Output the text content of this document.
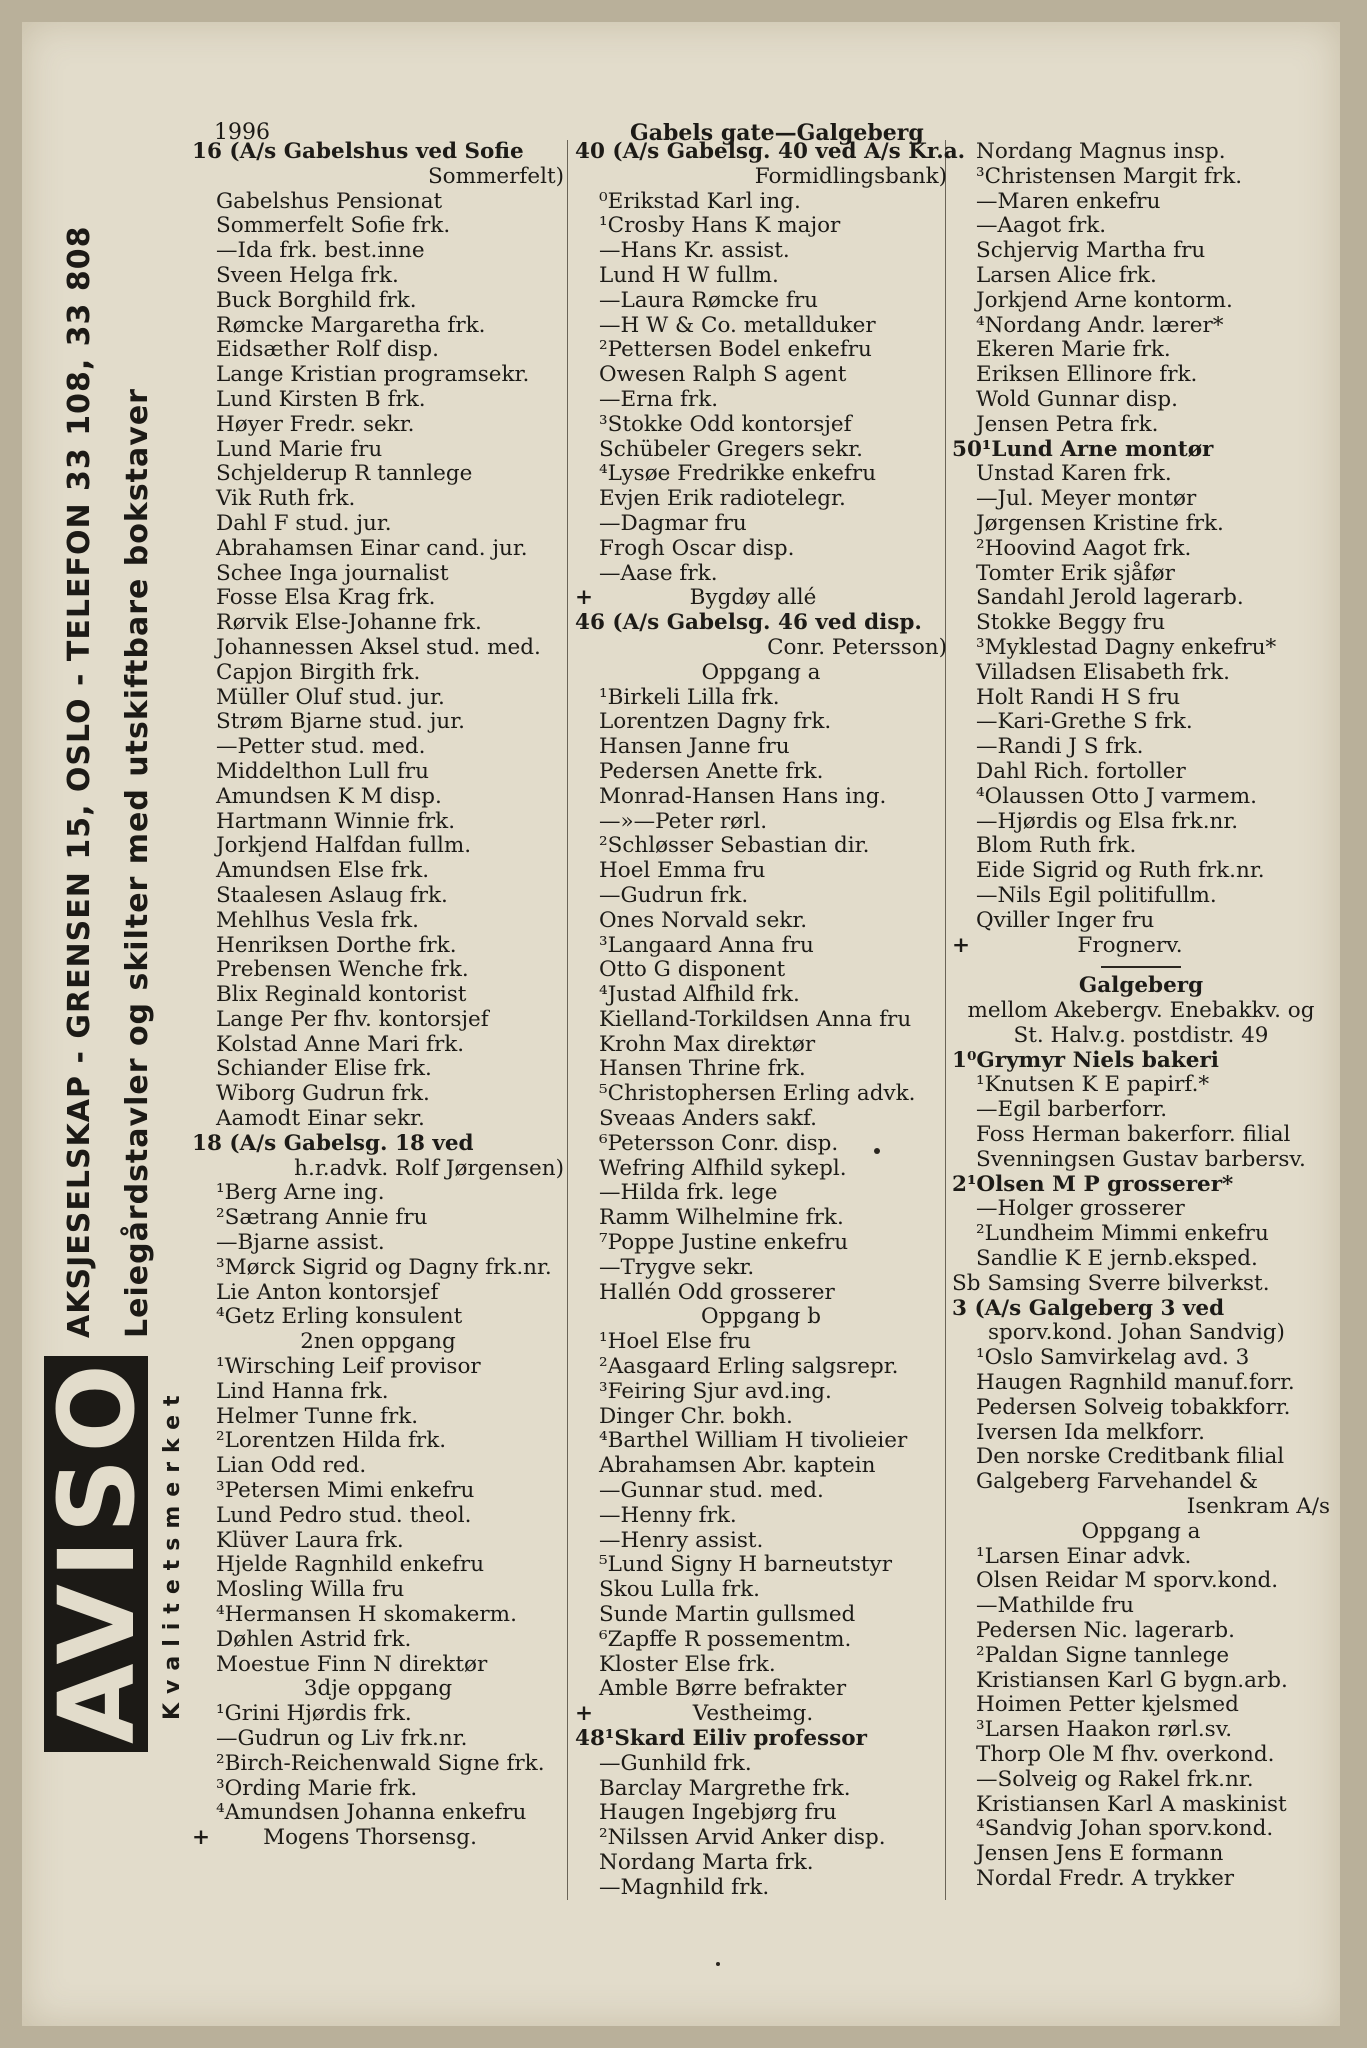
1996	Gabels gate—Galgeberg
AKSJESELSKAP - GRENSEN 15, OSLO - TELEFON 33 108, 33 808 Leiegårdstavler og skilter med utskiftbare bokstaver
Kvalitetsmerket
AVISO
16 (A/s Gabelshus ved Sofie
Sommerfelt)
Gabelshus Pensionat
Sommerfelt Sofie frk.
—Ida frk. best.inne
Sveen Helga frk.
Buck Borghild frk.
Rømcke Margaretha frk.
Eidsæther Rolf disp.
Lange Kristian programsekr.
Lund Kirsten B frk.
Høyer Fredr. sekr.
Lund Marie fru
Schjelderup R tannlege
Vik Ruth frk.
Dahl F stud. jur.
Abrahamsen Einar cand. jur.
Schee Inga journalist
Fosse Elsa Krag frk.
Rørvik Else-Johanne frk.
Johannessen Aksel stud. med.
Capjon Birgith frk.
Müller Oluf stud. jur.
Strøm Bjarne stud. jur.
—Petter stud. med.
Middelthon Lull fru
Amundsen K M disp.
Hartmann Winnie frk.
Jorkjend Halfdan fullm.
Amundsen Else frk.
Staalesen Aslaug frk.
Mehlhus Vesla frk.
Henriksen Dorthe frk.
Prebensen Wenche frk.
Blix Reginald kontorist
Lange Per fhv. kontorsjef
Kolstad Anne Mari frk.
Schiander Elise frk.
Wiborg Gudrun frk.
Aamodt Einar sekr.
18 (A/s Gabelsg. 18 ved
h.r.advk. Rolf Jørgensen)
¹Berg Arne ing.
²Sætrang Annie fru
—Bjarne assist.
³Mørck Sigrid og Dagny frk.nr.
Lie Anton kontorsjef
⁴Getz Erling konsulent
2nen oppgang
¹Wirsching Leif provisor
Lind Hanna frk.
Helmer Tunne frk.
²Lorentzen Hilda frk.
Lian Odd red.
³Petersen Mimi enkefru
Lund Pedro stud. theol.
Klüver Laura frk.
Hjelde Ragnhild enkefru
Mosling Willa fru
⁴Hermansen H skomakerm.
Døhlen Astrid frk.
Moestue Finn N direktør
3dje oppgang
¹Grini Hjørdis frk.
—Gudrun og Liv frk.nr.
²Birch-Reichenwald Signe frk.
³Ording Marie frk.
⁴Amundsen Johanna enkefru
+ Mogens Thorsensg.
40 (A/s Gabelsg. 40 ved A/s Kr.a.
Formidlingsbank)
⁰Erikstad Karl ing.
¹Crosby Hans K major
—Hans Kr. assist.
Lund H W fullm.
—Laura Rømcke fru
—H W & Co. metallduker
²Pettersen Bodel enkefru
Owesen Ralph S agent
—Erna frk.
³Stokke Odd kontorsjef
Schübeler Gregers sekr.
⁴Lysøe Fredrikke enkefru
Evjen Erik radiotelegr.
—Dagmar fru
Frogh Oscar disp.
—Aase frk.
+	Bygdøy allé
46 (A/s Gabelsg. 46 ved disp.
Conr. Petersson)
Oppgang a
¹Birkeli Lilla frk.
Lorentzen Dagny frk.
Hansen Janne fru
Pedersen Anette frk.
Monrad-Hansen Hans ing.
—»—Peter rørl.
²Schløsser Sebastian dir.
Hoel Emma fru
—Gudrun frk.
Ones Norvald sekr.
³Langaard Anna fru
Otto G disponent
⁴Justad Alfhild frk.
Kielland-Torkildsen Anna fru
Krohn Max direktør
Hansen Thrine frk.
⁵Christophersen Erling advk.
Sveaas Anders sakf.
⁶Petersson Conr. disp.
Wefring Alfhild sykepl.
—Hilda frk. lege
Ramm Wilhelmine frk.
⁷Poppe Justine enkefru
—Trygve sekr.
Hallén Odd grosserer
Oppgang b
¹Hoel Else fru
²Aasgaard Erling salgsrepr.
³Feiring Sjur avd.ing.
Dinger Chr. bokh.
⁴Barthel William H tivolieier
Abrahamsen Abr. kaptein
—Gunnar stud. med.
—Henny frk.
—Henry assist.
⁵Lund Signy H barneutstyr
Skou Lulla frk.
Sunde Martin gullsmed
⁶Zapffe R possementm.
Kloster Else frk.
Amble Børre befrakter
+	Vestheimg.
48¹Skard Eiliv professor
—Gunhild frk.
Barclay Margrethe frk.
Haugen Ingebjørg fru
²Nilssen Arvid Anker disp.
Nordang Marta frk.
—Magnhild frk.
Nordang Magnus insp.
³Christensen Margit frk.
—Maren enkefru
—Aagot frk.
Schjervig Martha fru
Larsen Alice frk.
Jorkjend Arne kontorm.
⁴Nordang Andr. lærer*
Ekeren Marie frk.
Eriksen Ellinore frk.
Wold Gunnar disp.
Jensen Petra frk.
50¹Lund Arne montør
Unstad Karen frk.
—Jul. Meyer montør
Jørgensen Kristine frk.
²Hoovind Aagot frk.
Tomter Erik sjåfør
Sandahl Jerold lagerarb.
Stokke Beggy fru
³Myklestad Dagny enkefru*
Villadsen Elisabeth frk.
Holt Randi H S fru
—Kari-Grethe S frk.
—Randi J S frk.
Dahl Rich. fortoller
⁴Olaussen Otto J varmem.
—Hjørdis og Elsa frk.nr.
Blom Ruth frk.
Eide Sigrid og Ruth frk.nr.
—Nils Egil politifullm.
Qviller Inger fru
+	Frognerv.
Galgeberg
mellom Akebergv. Enebakkv. og
St. Halv.g. postdistr. 49
1⁰Grymyr Niels bakeri
¹Knutsen K E papirf.*
—Egil barberforr.
Foss Herman bakerforr. filial
Svenningsen Gustav barbersv.
2¹Olsen M P grosserer*
—Holger grosserer
²Lundheim Mimmi enkefru
Sandlie K E jernb.eksped.
Sb Samsing Sverre bilverkst.
3 (A/s Galgeberg 3 ved
sporv.kond. Johan Sandvig)
¹Oslo Samvirkelag avd. 3
Haugen Ragnhild manuf.forr.
Pedersen Solveig tobakkforr.
Iversen Ida melkforr.
Den norske Creditbank filial
Galgeberg Farvehandel &
Isenkram A/s
Oppgang a
¹Larsen Einar advk.
Olsen Reidar M sporv.kond.
—Mathilde fru
Pedersen Nic. lagerarb.
²Paldan Signe tannlege
Kristiansen Karl G bygn.arb.
Hoimen Petter kjelsmed
³Larsen Haakon rørl.sv.
Thorp Ole M fhv. overkond.
—Solveig og Rakel frk.nr.
Kristiansen Karl A maskinist
⁴Sandvig Johan sporv.kond.
Jensen Jens E formann
Nordal Fredr. A trykker
